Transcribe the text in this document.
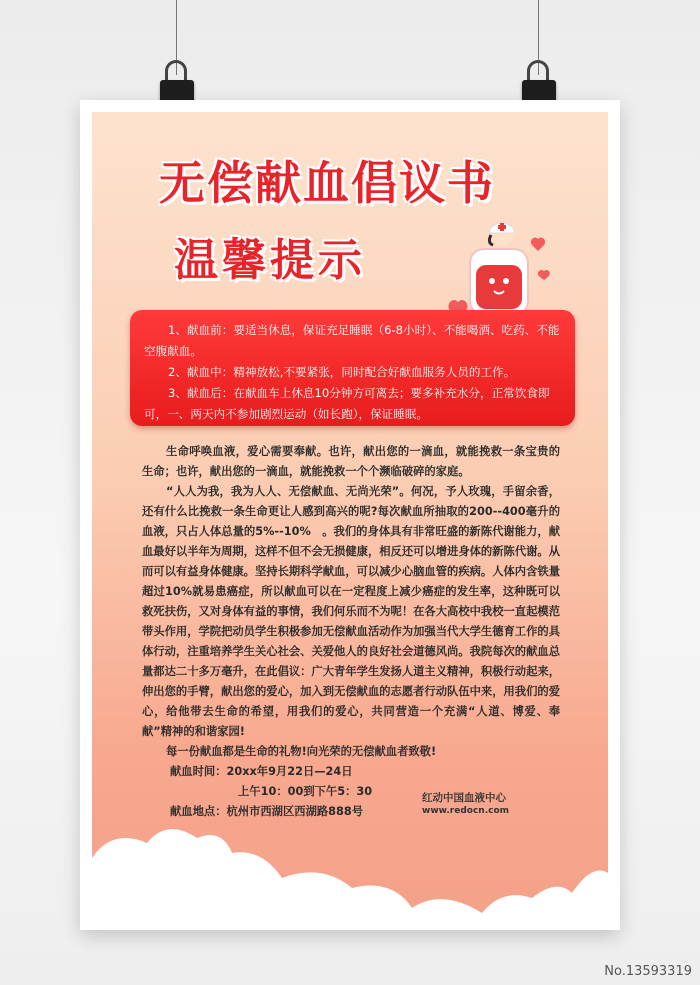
无偿献血倡议书
温馨提示

1、献血前：要适当休息，保证充足睡眠（6-8小时）、不能喝酒、吃药、不能空腹献血。

2、献血中：精神放松,不要紧张，同时配合好献血服务人员的工作。

3、献血后：在献血车上休息10分钟方可离去；要多补充水分，正常饮食即可，一、两天内不参加剧烈运动（如长跑），保证睡眠。

生命呼唤血液，爱心需要奉献。也许，献出您的一滴血，就能挽救一条宝贵的生命；也许，献出您的一滴血，就能挽救一个个濒临破碎的家庭。

“人人为我，我为人人、无偿献血、无尚光荣”。何况，予人玫瑰，手留余香，还有什么比挽救一条生命更让人感到高兴的呢?每次献血所抽取的200--400毫升的血液，只占人体总量的5%--10%　。我们的身体具有非常旺盛的新陈代谢能力，献血最好以半年为周期，这样不但不会无损健康，相反还可以增进身体的新陈代谢。从而可以有益身体健康。坚持长期科学献血，可以减少心脑血管的疾病。人体内含铁量超过10%就易患癌症，所以献血可以在一定程度上减少癌症的发生率，这种既可以救死扶伤，又对身体有益的事情，我们何乐而不为呢！在各大高校中我校一直起模范带头作用，学院把动员学生积极参加无偿献血活动作为加强当代大学生德育工作的具体行动，注重培养学生关心社会、关爱他人的良好社会道德风尚。我院每次的献血总量都达二十多万毫升，在此倡议：广大青年学生发扬人道主义精神，积极行动起来，伸出您的手臂，献出您的爱心，加入到无偿献血的志愿者行动队伍中来，用我们的爱心，给他带去生命的希望，用我们的爱心，共同营造一个充满“人道、博爱、奉献”精神的和谐家园!

每一份献血都是生命的礼物!向光荣的无偿献血者致敬!

献血时间：20xx年9月22日—24日

上午10：00到下午5：30

献血地点：杭州市西湖区西湖路888号

红动中国血液中心
www.redocn.com
No.13593319
